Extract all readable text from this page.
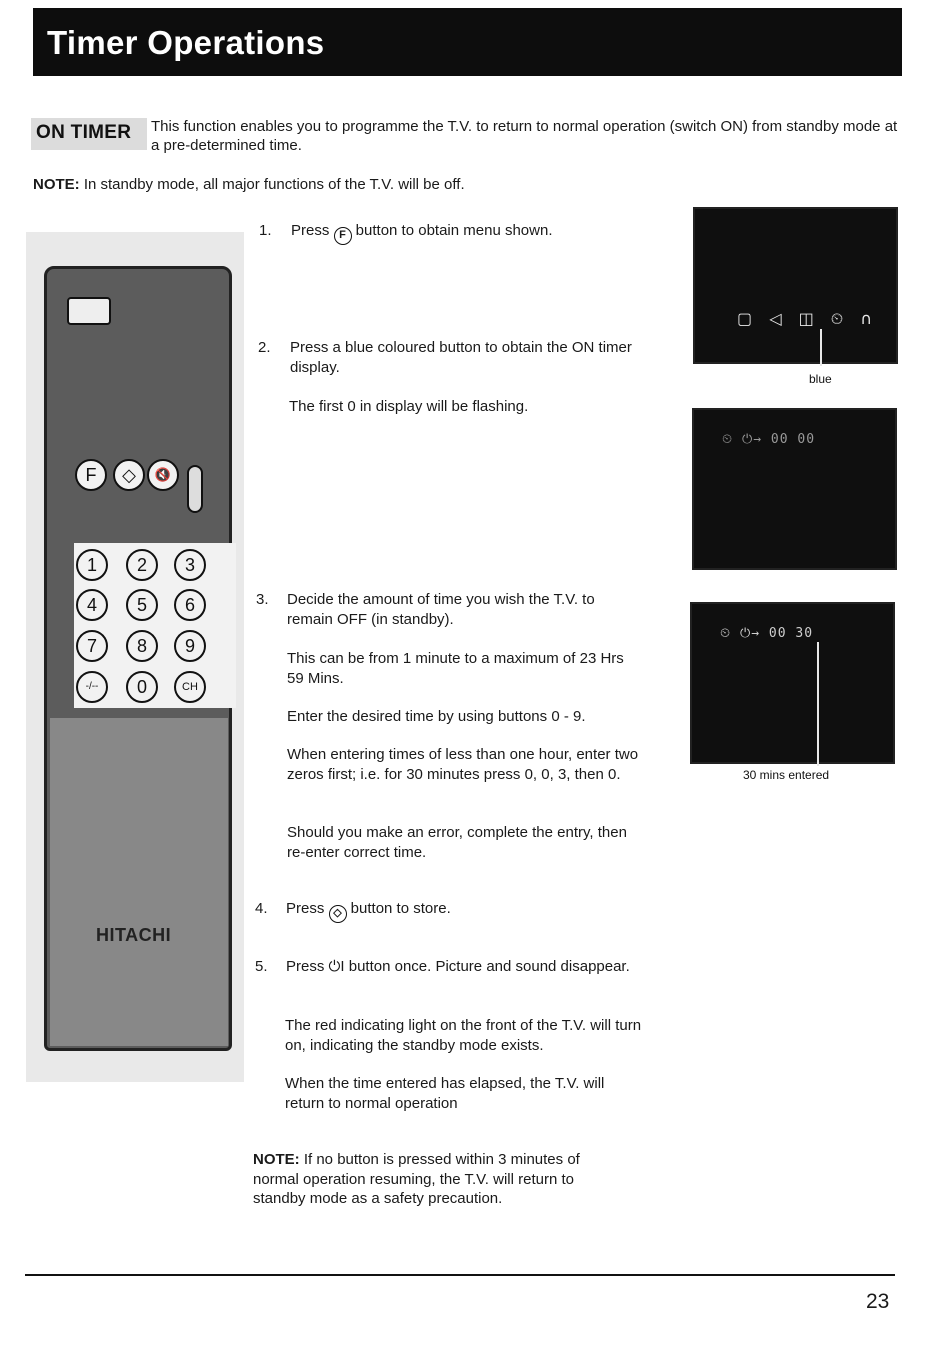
Timer Operations
ON TIMER	This function enables you to programme the T.V. to return to normal operation (switch ON) from standby mode at a pre-determined time.

NOTE: In standby mode, all major functions of the T.V. will be off.

F	◇	🔇
1	2	3
4	5	6
7	8	9
-/--	0	CH
HITACHI
1. Press F button to obtain menu shown.
2. Press a blue coloured button to obtain the ON timer display.

The first 0 in display will be flashing.

3. Decide the amount of time you wish the T.V. to remain OFF (in standby).

This can be from 1 minute to a maximum of 23 Hrs 59 Mins.

Enter the desired time by using buttons 0 - 9.

When entering times of less than one hour, enter two zeros first; i.e. for 30 minutes press 0, 0, 3, then 0.

Should you make an error, complete the entry, then re-enter correct time.

4. Press ◇ button to store.
5. Press ⏻I button once. Picture and sound disappear.

The red indicating light on the front of the T.V. will turn on, indicating the standby mode exists.

When the time entered has elapsed, the T.V. will return to normal operation

▢ ◁ ◫ ⏲ ∩
blue
⏲ ⏻→ 00 00
⏲ ⏻→ 00 30
30 mins entered

NOTE: If no button is pressed within 3 minutes of normal operation resuming, the T.V. will return to standby mode as a safety precaution.

23
